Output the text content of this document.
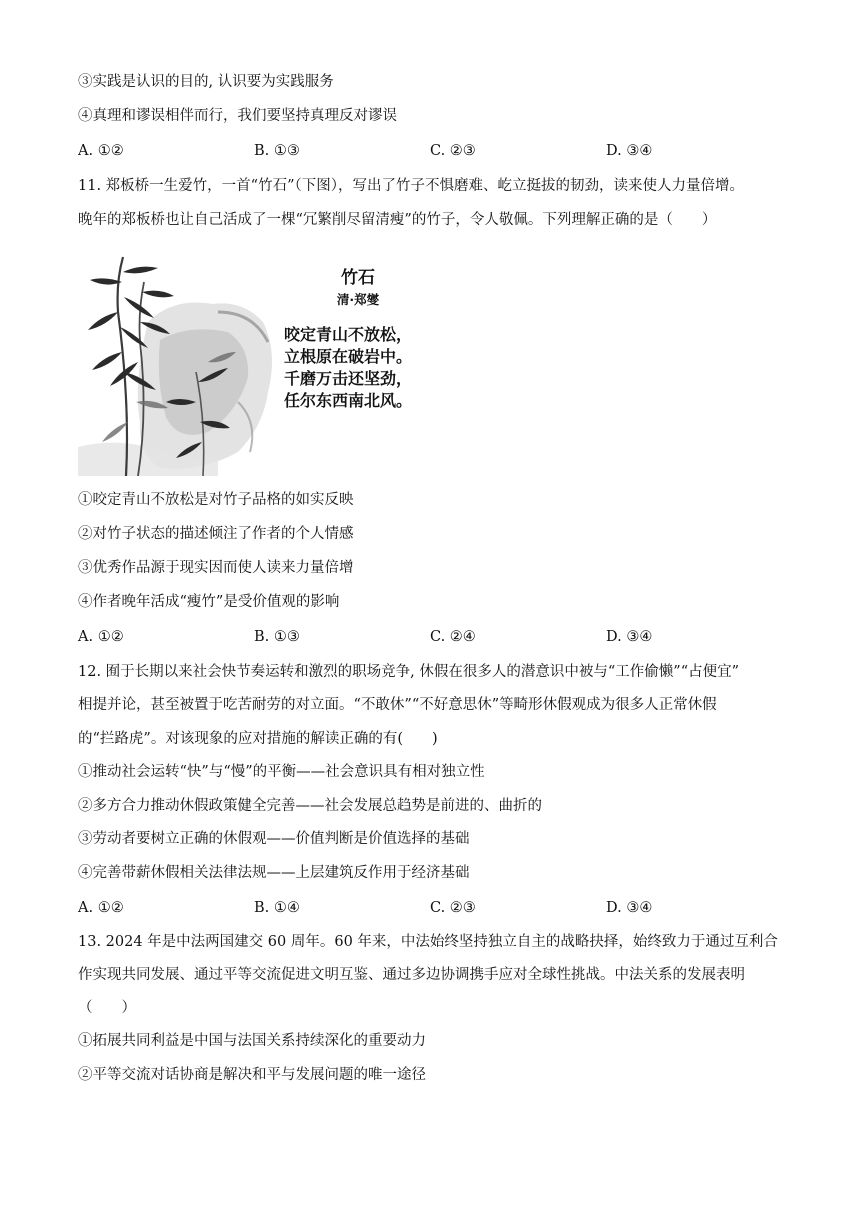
③实践是认识的目的, 认识要为实践服务
④真理和谬误相伴而行，我们要坚持真理反对谬误
A. ①②	B. ①③	C. ②③	D. ③④
11. 郑板桥一生爱竹，一首“竹石”（下图），写出了竹子不惧磨难、屹立挺拔的韧劲，读来使人力量倍增。
晚年的郑板桥也让自己活成了一棵“冗繁削尽留清瘦”的竹子，令人敬佩。下列理解正确的是（　　）
竹石
清·郑燮
咬定青山不放松，
立根原在破岩中。
千磨万击还坚劲，
任尔东西南北风。
①咬定青山不放松是对竹子品格的如实反映
②对竹子状态的描述倾注了作者的个人情感
③优秀作品源于现实因而使人读来力量倍增
④作者晚年活成“瘦竹”是受价值观的影响
A. ①②	B. ①③	C. ②④	D. ③④
12. 囿于长期以来社会快节奏运转和激烈的职场竞争, 休假在很多人的潜意识中被与“工作偷懒”“占便宜”
相提并论，甚至被置于吃苦耐劳的对立面。“不敢休”“不好意思休”等畸形休假观成为很多人正常休假
的“拦路虎”。对该现象的应对措施的解读正确的有(　　)
①推动社会运转“快”与“慢”的平衡——社会意识具有相对独立性
②多方合力推动休假政策健全完善——社会发展总趋势是前进的、曲折的
③劳动者要树立正确的休假观——价值判断是价值选择的基础
④完善带薪休假相关法律法规——上层建筑反作用于经济基础
A. ①②	B. ①④	C. ②③	D. ③④
13. 2024 年是中法两国建交 60 周年。60 年来，中法始终坚持独立自主的战略抉择，始终致力于通过互利合
作实现共同发展、通过平等交流促进文明互鉴、通过多边协调携手应对全球性挑战。中法关系的发展表明
（　　）
①拓展共同利益是中国与法国关系持续深化的重要动力
②平等交流对话协商是解决和平与发展问题的唯一途径
